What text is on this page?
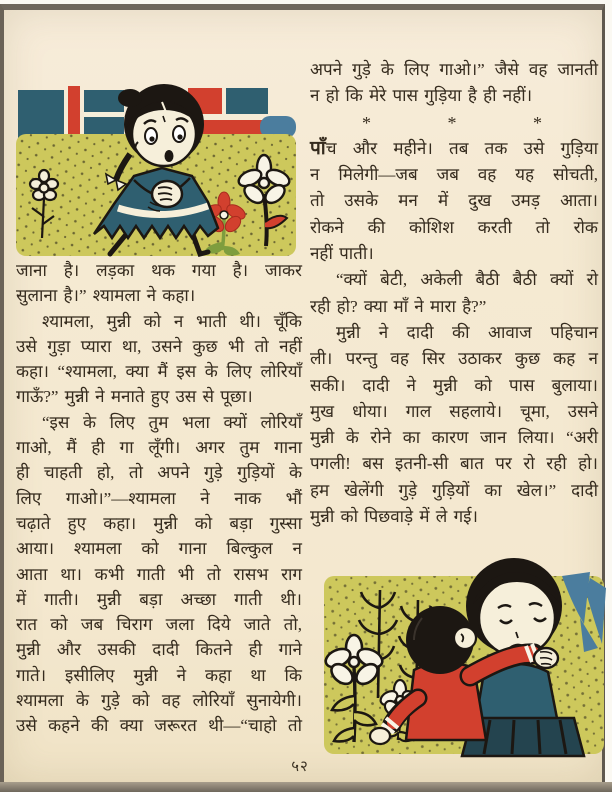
जाना है। लड़का थक गया है। जाकर
सुलाना है।” श्यामला ने कहा।
श्यामला, मुन्नी को न भाती थी। चूँकि
उसे गुड़ा प्यारा था, उसने कुछ भी तो नहीं
कहा। “श्यामला, क्या मैं इस के लिए लोरियाँ
गाऊँ?” मुन्नी ने मनाते हुए उस से पूछा।
“इस के लिए तुम भला क्यों लोरियाँ
गाओ, मैं ही गा लूँगी। अगर तुम गाना
ही चाहती हो, तो अपने गुड़े गुड़ियों के
लिए गाओ।”—श्यामला ने नाक भौं
चढ़ाते हुए कहा। मुन्नी को बड़ा गुस्सा
आया। श्यामला को गाना बिल्कुल न
आता था। कभी गाती भी तो रासभ राग
में गाती। मुन्नी बड़ा अच्छा गाती थी।
रात को जब चिराग जला दिये जाते तो,
मुन्नी और उसकी दादी कितने ही गाने
गाते। इसीलिए मुन्नी ने कहा था कि
श्यामला के गुड़े को वह लोरियाँ सुनायेगी।
उसे कहने की क्या जरूरत थी—“चाहो तो
अपने गुड़े के लिए गाओ।” जैसे वह जानती
न हो कि मेरे पास गुड़िया है ही नहीं।
*	*	*
पाँच और महीने। तब तक उसे गुड़िया
न मिलेगी—जब जब वह यह सोचती,
तो उसके मन में दुख उमड़ आता।
रोकने की कोशिश करती तो रोक
नहीं पाती।
“क्यों बेटी, अकेली बैठी बैठी क्यों रो
रही हो? क्या माँ ने मारा है?”
मुन्नी ने दादी की आवाज पहिचान
ली। परन्तु वह सिर उठाकर कुछ कह न
सकी। दादी ने मुन्नी को पास बुलाया।
मुख धोया। गाल सहलाये। चूमा, उसने
मुन्नी के रोने का कारण जान लिया। “अरी
पगली! बस इतनी-सी बात पर रो रही हो।
हम खेलेंगी गुड़े गुड़ियों का खेल।” दादी
मुन्नी को पिछवाड़े में ले गई।
५२
